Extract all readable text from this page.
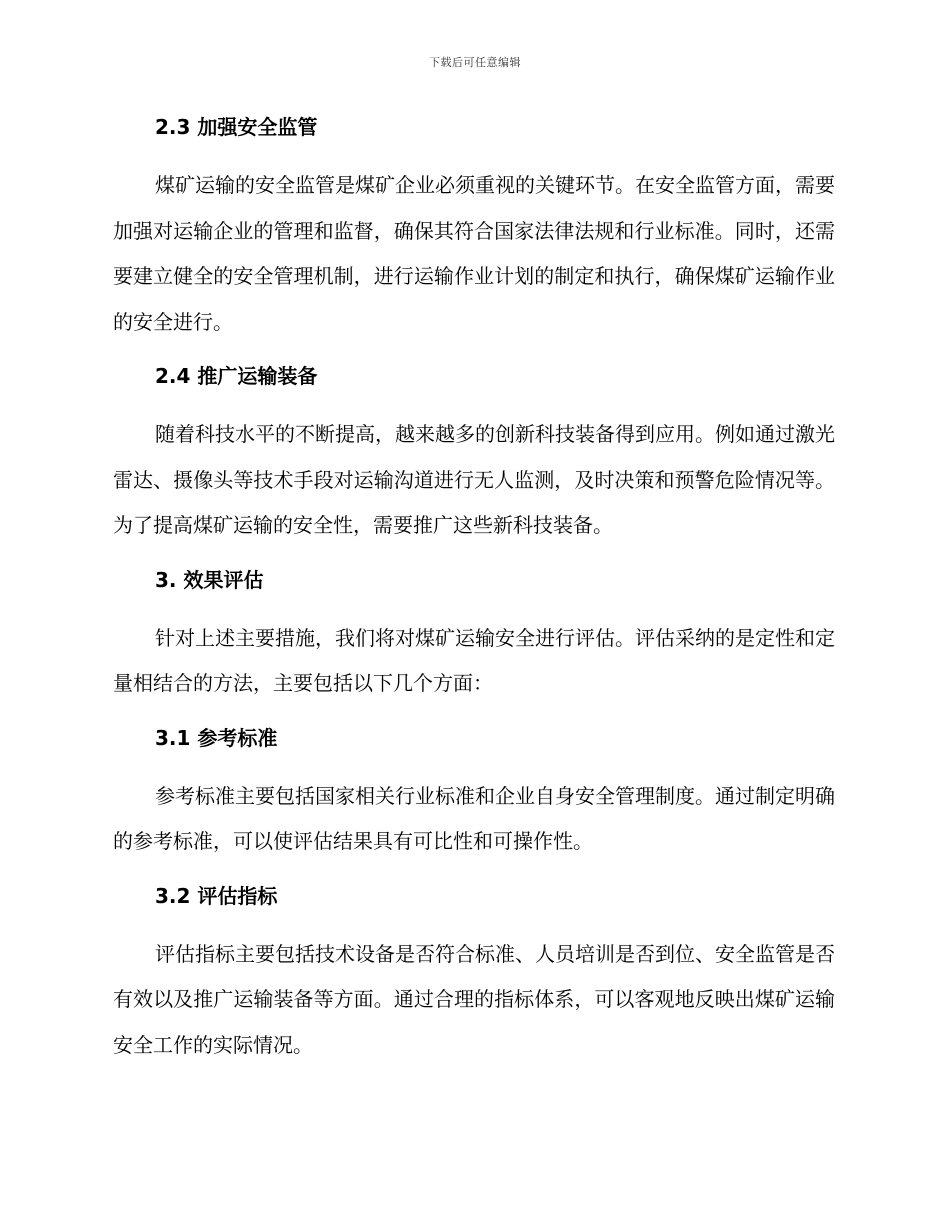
下载后可任意编辑
2.3 加强安全监管

煤矿运输的安全监管是煤矿企业必须重视的关键环节。在安全监管方面，需要加强对运输企业的管理和监督，确保其符合国家法律法规和行业标准。同时，还需要建立健全的安全管理机制，进行运输作业计划的制定和执行，确保煤矿运输作业的安全进行。

2.4 推广运输装备

随着科技水平的不断提高，越来越多的创新科技装备得到应用。例如通过激光雷达、摄像头等技术手段对运输沟道进行无人监测，及时决策和预警危险情况等。为了提高煤矿运输的安全性，需要推广这些新科技装备。

3. 效果评估

针对上述主要措施，我们将对煤矿运输安全进行评估。评估采纳的是定性和定量相结合的方法，主要包括以下几个方面：

3.1 参考标准

参考标准主要包括国家相关行业标准和企业自身安全管理制度。通过制定明确的参考标准，可以使评估结果具有可比性和可操作性。

3.2 评估指标

评估指标主要包括技术设备是否符合标准、人员培训是否到位、安全监管是否有效以及推广运输装备等方面。通过合理的指标体系，可以客观地反映出煤矿运输安全工作的实际情况。
